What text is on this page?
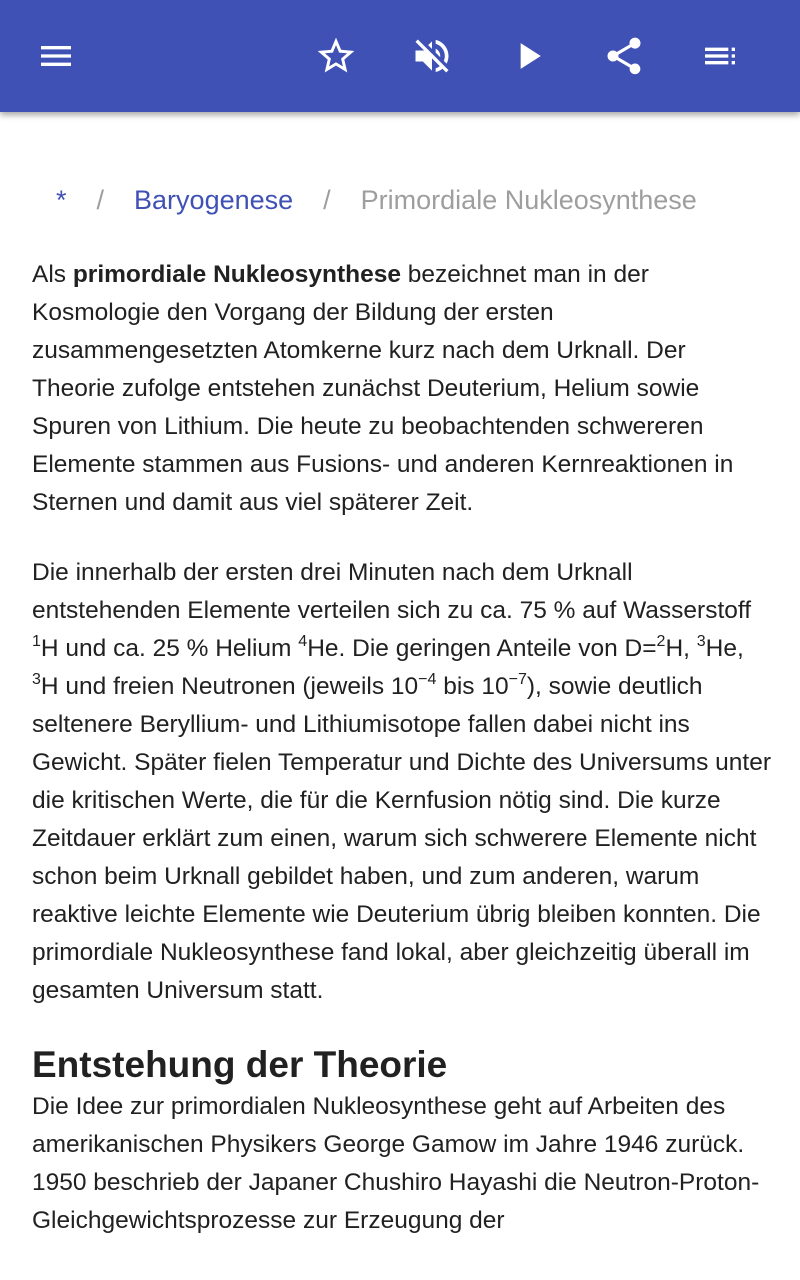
* / Baryogenese / Primordiale Nukleosynthese

Als primordiale Nukleosynthese bezeichnet man in der Kosmologie den Vorgang der Bildung der ersten zusammengesetzten Atomkerne kurz nach dem Urknall. Der Theorie zufolge entstehen zunächst Deuterium, Helium sowie Spuren von Lithium. Die heute zu beobachtenden schwereren Elemente stammen aus Fusions- und anderen Kernreaktionen in Sternen und damit aus viel späterer Zeit.

Die innerhalb der ersten drei Minuten nach dem Urknall entstehenden Elemente verteilen sich zu ca. 75 % auf Wasserstoff $^1$H und ca. 25 % Helium $^4$He. Die geringen Anteile von D=$^2$H, $^3$He, $^3$H und freien Neutronen (jeweils $10^{-4}$ bis $10^{-7}$), sowie deutlich seltenere Beryllium- und Lithiumisotope fallen dabei nicht ins Gewicht. Später fielen Temperatur und Dichte des Universums unter die kritischen Werte, die für die Kernfusion nötig sind. Die kurze Zeitdauer erklärt zum einen, warum sich schwerere Elemente nicht schon beim Urknall gebildet haben, und zum anderen, warum reaktive leichte Elemente wie Deuterium übrig bleiben konnten. Die primordiale Nukleosynthese fand lokal, aber gleichzeitig überall im gesamten Universum statt.

Entstehung der Theorie

Die Idee zur primordialen Nukleosynthese geht auf Arbeiten des amerikanischen Physikers George Gamow im Jahre 1946 zurück. 1950 beschrieb der Japaner Chushiro Hayashi die Neutron-Proton- Gleichgewichtsprozesse zur Erzeugung der
